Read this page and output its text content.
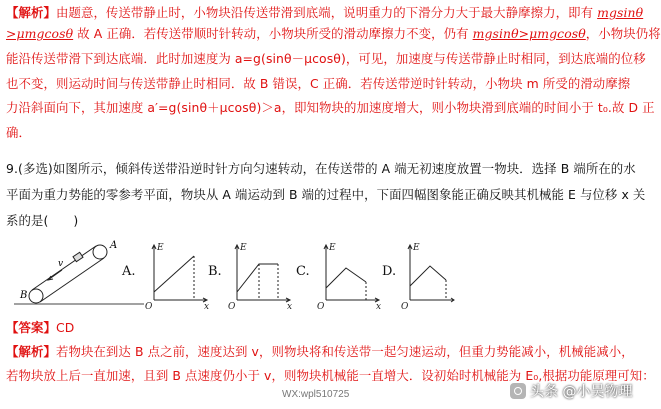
【解析】由题意，传送带静止时，小物块沿传送带滑到底端，说明重力的下滑分力大于最大静摩擦力，即有 mgsinθ
>μmgcosθ 故 A 正确．若传送带顺时针转动，小物块所受的滑动摩擦力不变，仍有 mgsinθ>μmgcosθ，小物块仍将
能沿传送带滑下到达底端．此时加速度为 a=g(sinθ－μcosθ)，可见，加速度与传送带静止时相同，到达底端的位移
也不变，则运动时间与传送带静止时相同．故 B 错误，C 正确．若传送带逆时针转动，小物块 m 所受的滑动摩擦
力沿斜面向下，其加速度 a′=g(sinθ＋μcosθ)＞a，即知物块的加速度增大，则小物块滑到底端的时间小于 t₀.故 D 正
确．
9.(多选)如图所示，倾斜传送带沿逆时针方向匀速转动，在传送带的 A 端无初速度放置一物块．选择 B 端所在的水
平面为重力势能的零参考平面，物块从 A 端运动到 B 端的过程中，下面四幅图象能正确反映其机械能 E 与位移 x 关
系的是(　　)
A
B
v
E
x
O
E
x
O
E
x
O
E
O
A.	B.	C.	D.
【答案】CD
【解析】若物块在到达 B 点之前，速度达到 v，则物块将和传送带一起匀速运动，但重力势能减小，机械能减小，
若物块放上后一直加速，且到 B 点速度仍小于 v，则物块机械能一直增大．设初始时机械能为 E₀,根据功能原理可知：
WX:wpl510725	头条 @小吴物理
